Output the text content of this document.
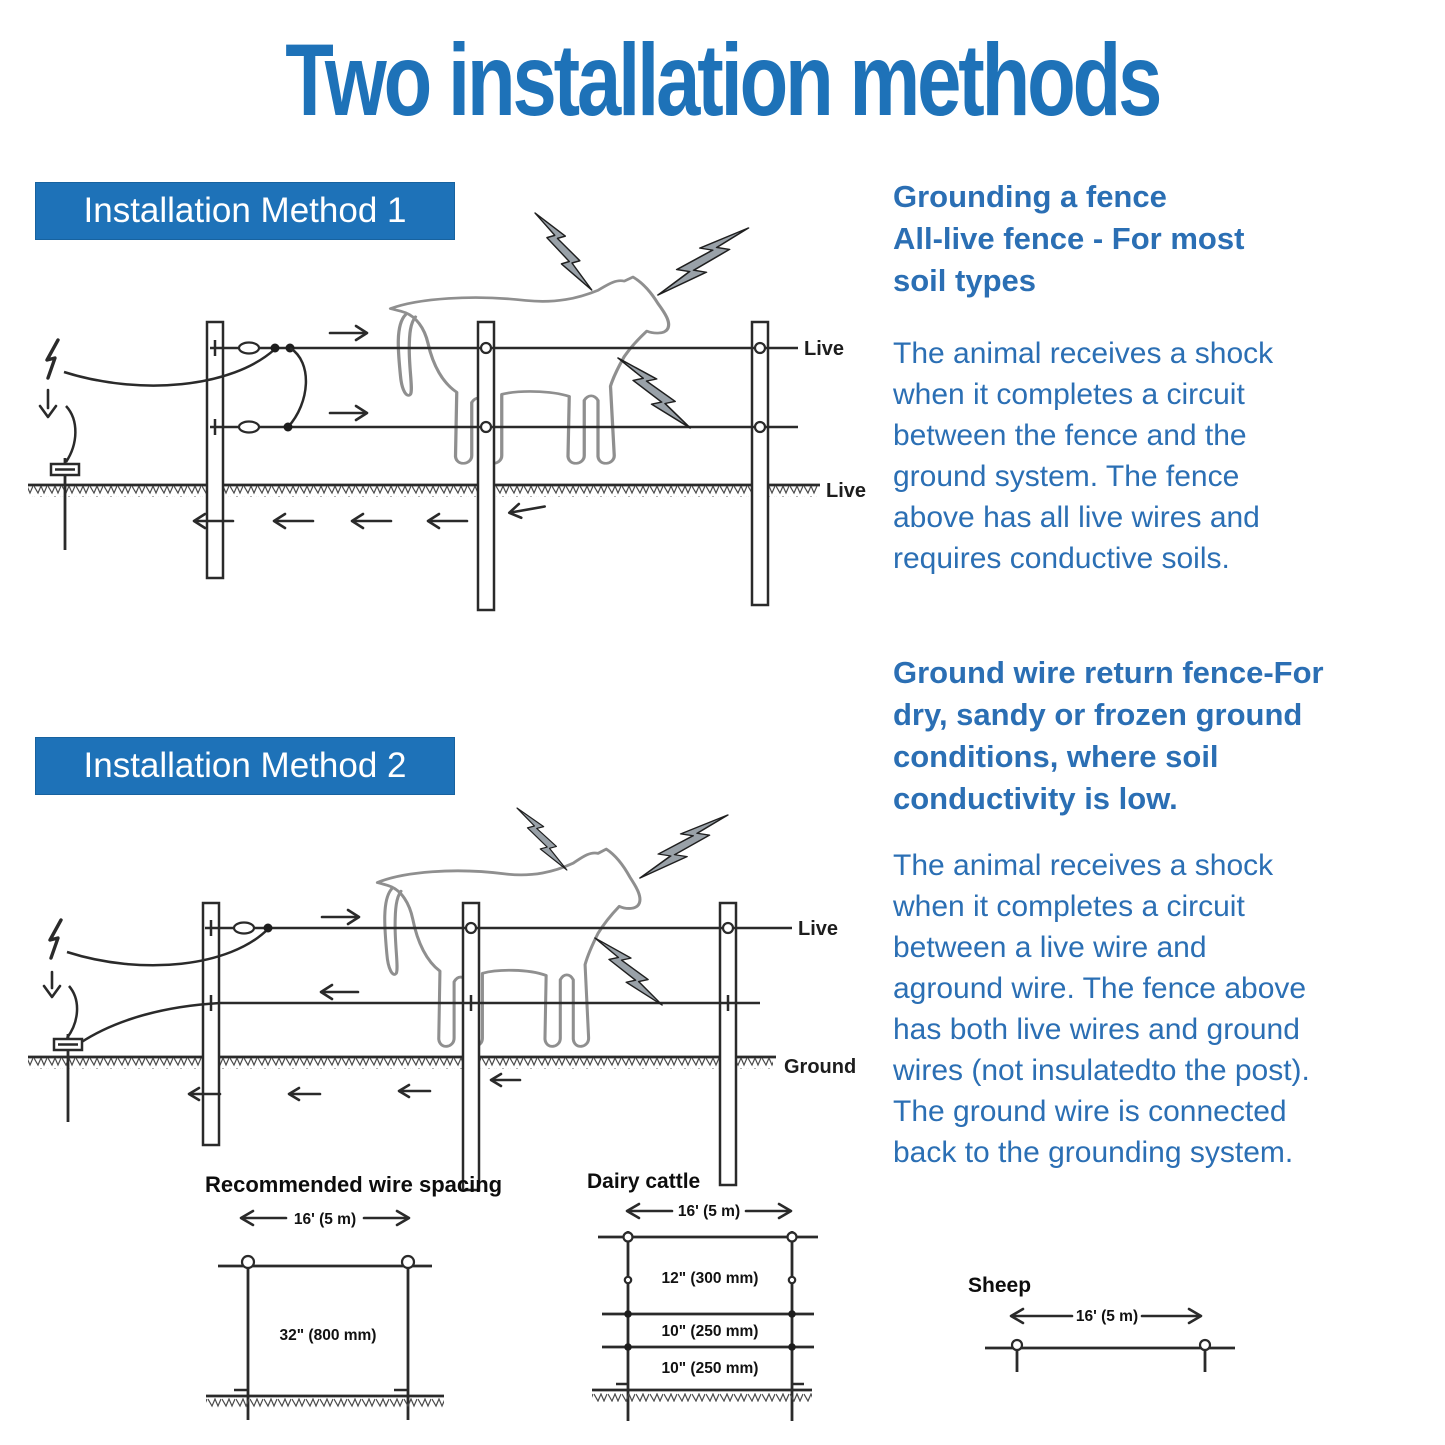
Two installation methods
Installation Method 1
Live
Live
Installation Method 2
Live
Ground
Grounding a fence
All-live fence - For most
soil types
The animal receives a shock
when it completes a circuit
between the fence and the
ground system. The fence
above has all live wires and
requires conductive soils.
Ground wire return fence-For
dry, sandy or frozen ground
conditions, where soil
conductivity is low.
The animal receives a shock
when it completes a circuit
between a live wire and
aground wire. The fence above
has both live wires and ground
wires (not insulatedto the post).
The ground wire is connected
back to the grounding system.
Recommended wire spacing
16' (5 m)
32" (800 mm)
Dairy cattle
16' (5 m)
12" (300 mm)
10" (250 mm)
10" (250 mm)
Sheep
16' (5 m)
